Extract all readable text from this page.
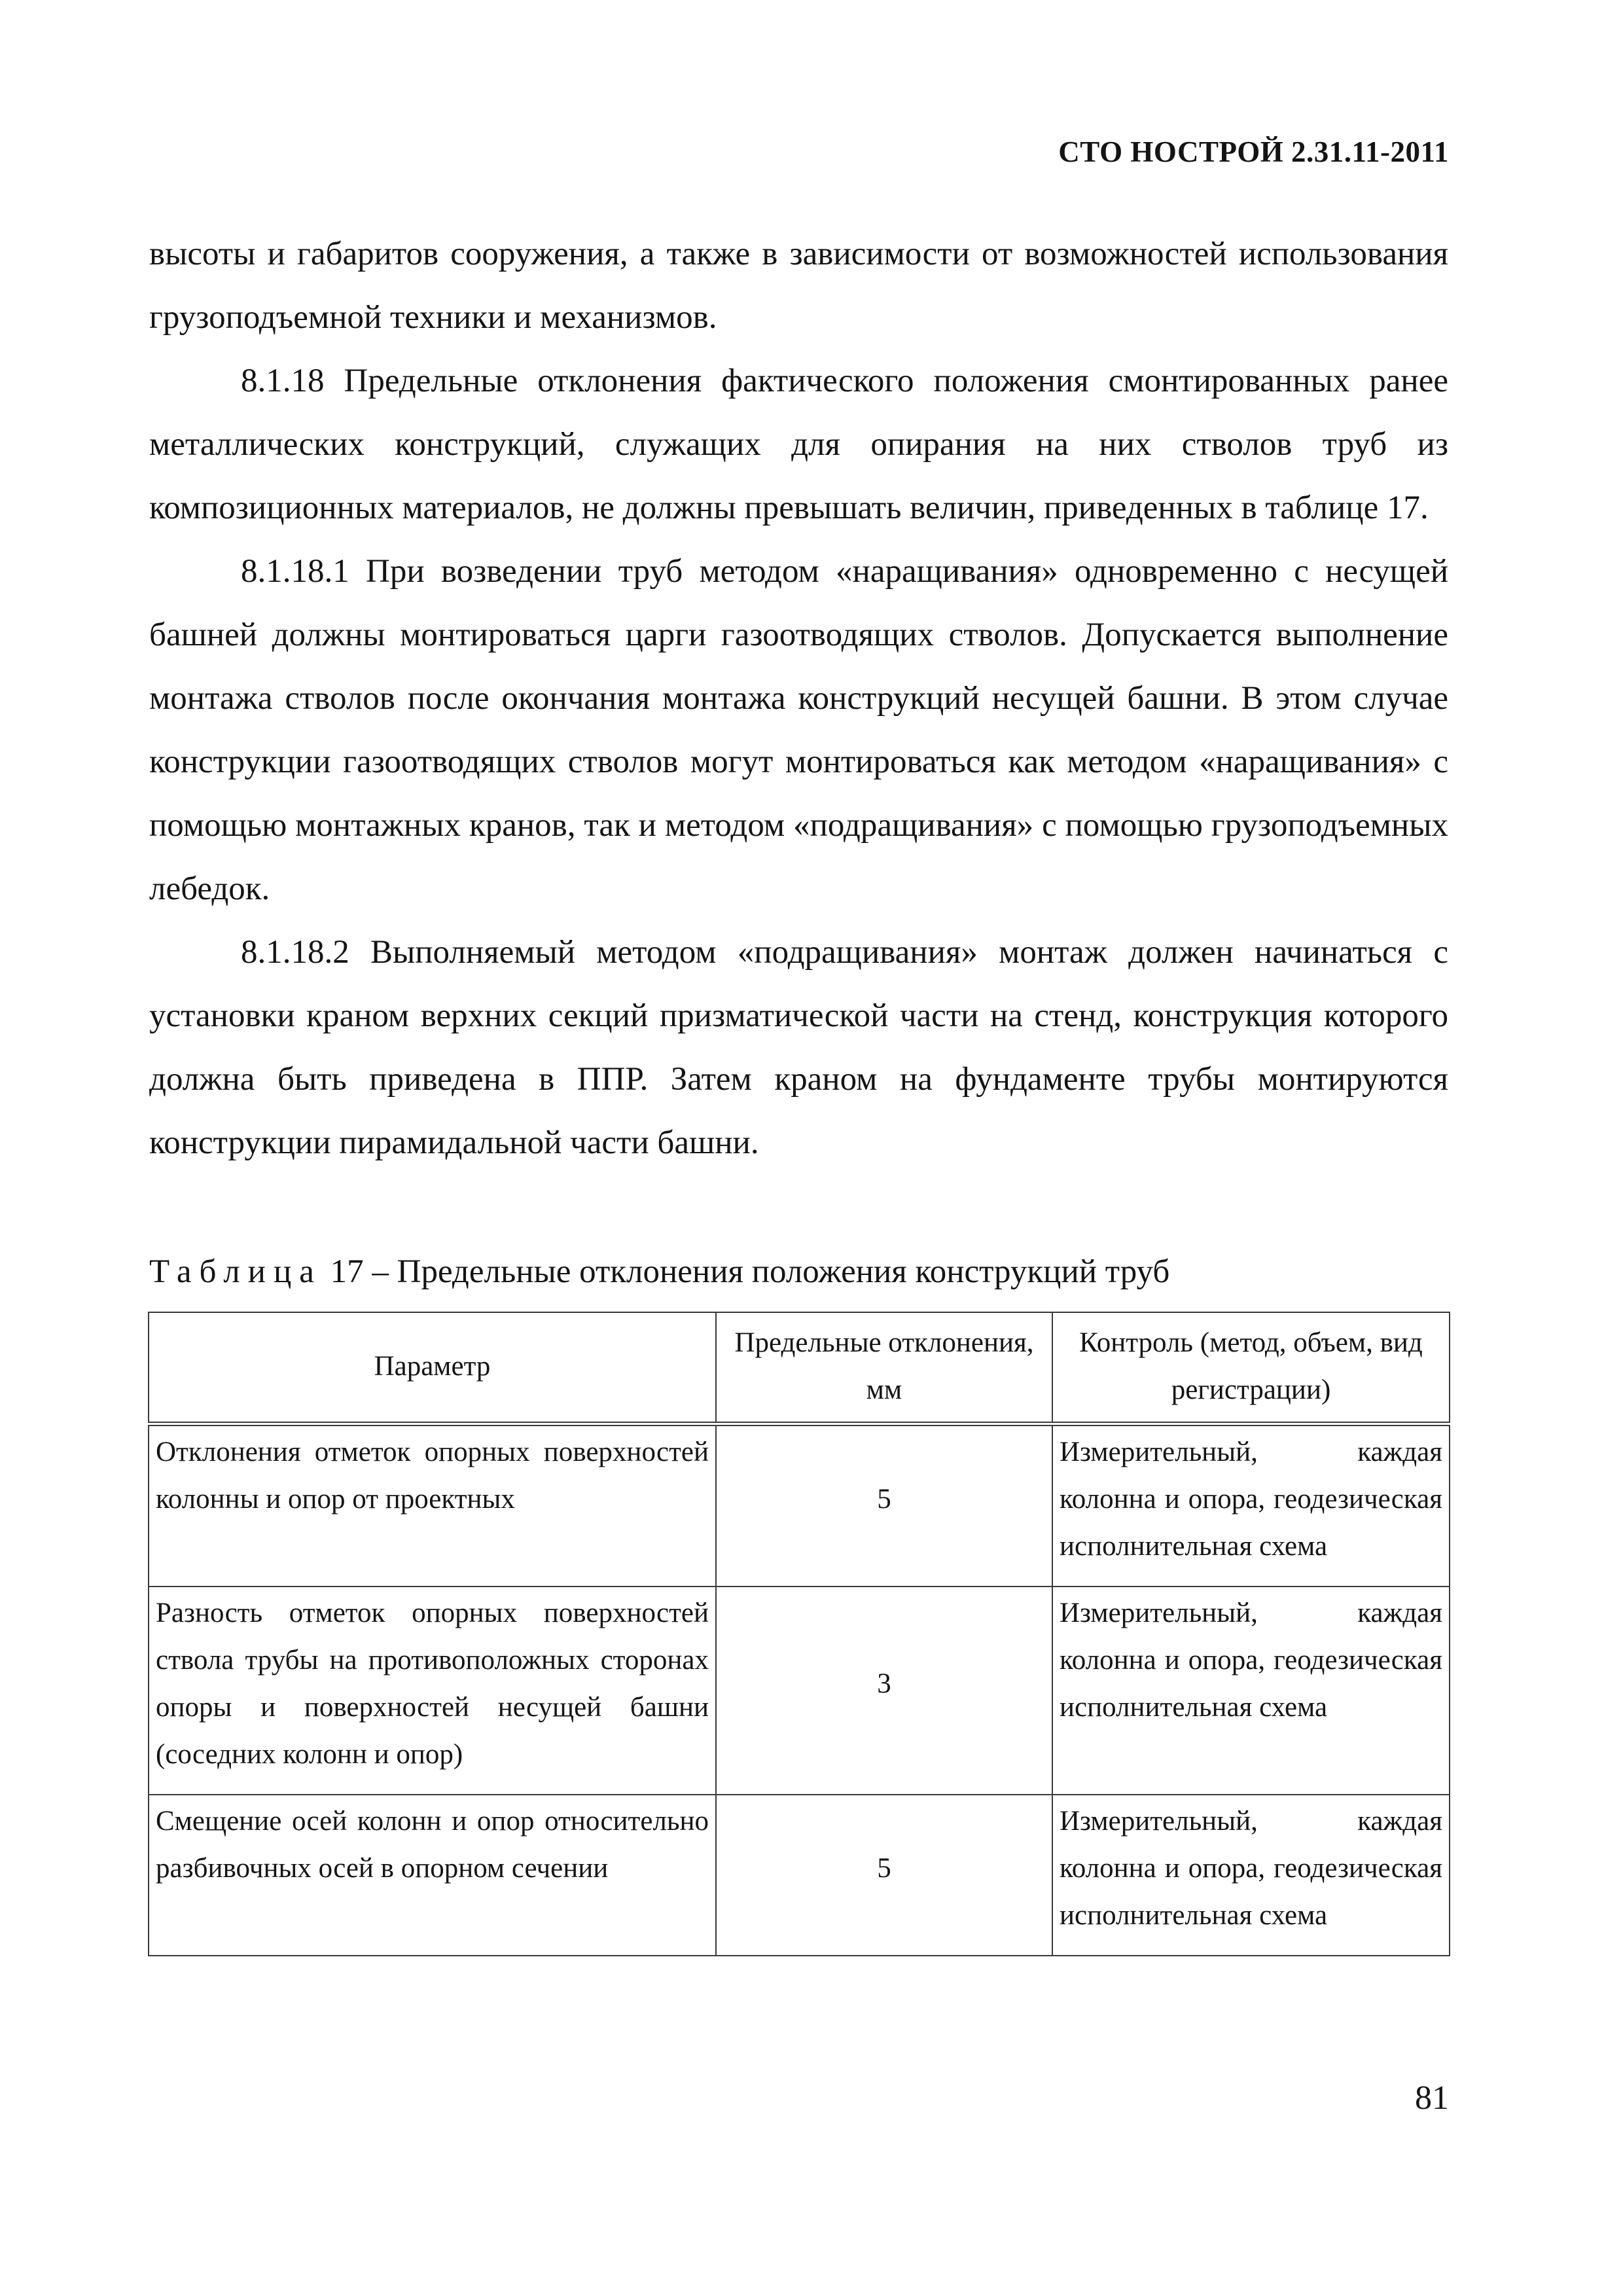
СТО НОСТРОЙ 2.31.11-2011

высоты и габаритов сооружения, а также в зависимости от возможностей использования грузоподъемной техники и механизмов.

8.1.18 Предельные отклонения фактического положения смонтированных ранее металлических конструкций, служащих для опирания на них стволов труб из композиционных материалов, не должны превышать величин, приведенных в таблице 17.

8.1.18.1 При возведении труб методом «наращивания» одновременно с несущей башней должны монтироваться царги газоотводящих стволов. Допускается выполнение монтажа стволов после окончания монтажа конструкций несущей башни. В этом случае конструкции газоотводящих стволов могут монтироваться как методом «наращивания» с помощью монтажных кранов, так и методом «подращивания» с помощью грузоподъемных лебедок.

8.1.18.2 Выполняемый методом «подращивания» монтаж должен начинаться с установки краном верхних секций призматической части на стенд, конструкция которого должна быть приведена в ППР. Затем краном на фундаменте трубы монтируются конструкции пирамидальной части башни.

Таблица 17 – Предельные отклонения положения конструкций труб
Параметр	Предельные отклонения, мм	Контроль (метод, объем, вид регистрации)
Отклонения отметок опорных поверхностей колонны и опор от проектных	5	Измерительный, каждая колонна и опора, геодезическая исполнительная схема
Разность отметок опорных поверхностей ствола трубы на противоположных сторонах опоры и поверхностей несущей башни (соседних колонн и опор)	3	Измерительный, каждая колонна и опора, геодезическая исполнительная схема
Смещение осей колонн и опор относительно разбивочных осей в опорном сечении	5	Измерительный, каждая колонна и опора, геодезическая исполнительная схема
81
